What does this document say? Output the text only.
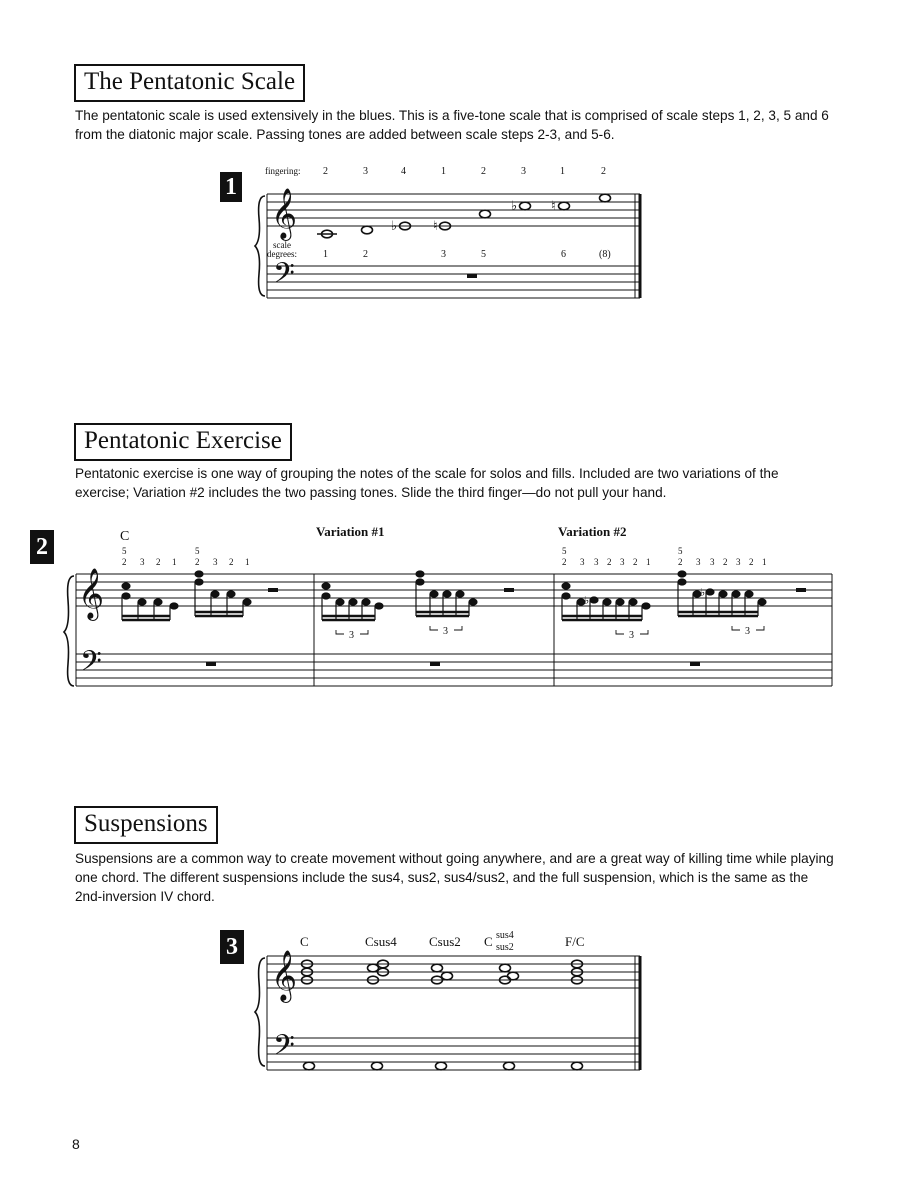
The Pentatonic Scale
The pentatonic scale is used extensively in the blues. This is a five-tone scale that is comprised of scale steps 1, 2, 3, 5 and 6 from the diatonic major scale. Passing tones are added between scale steps 2-3, and 5-6.
1
fingering: 2	3	4	1	2	3	1	2
𝄞
𝄢
♭	♮
♭	♮
scale
degrees:	1	2	3	5	6	(8)
Pentatonic Exercise
Pentatonic exercise is one way of grouping the notes of the scale for solos and fills. Included are two variations of the exercise; Variation #2 includes the two passing tones. Slide the third finger—do not pull your hand.
2	C	Variation #1	Variation #2
5	5
2 3 2 1 2 3 2 1
5	5
2 3 3 2 3 2 1	2 3 3 2 3 2 1
𝄞
𝄢
3	3
♭
♭
3	3
Suspensions
Suspensions are a common way to create movement without going anywhere, and are a great way of killing time while playing one chord. The different suspensions include the sus4, sus2, sus4/sus2, and the full suspension, which is the same as the 2nd-inversion IV chord.
3	C	Csus4 Csus2 C sus4
sus2	F/C
𝄞
𝄢
8
